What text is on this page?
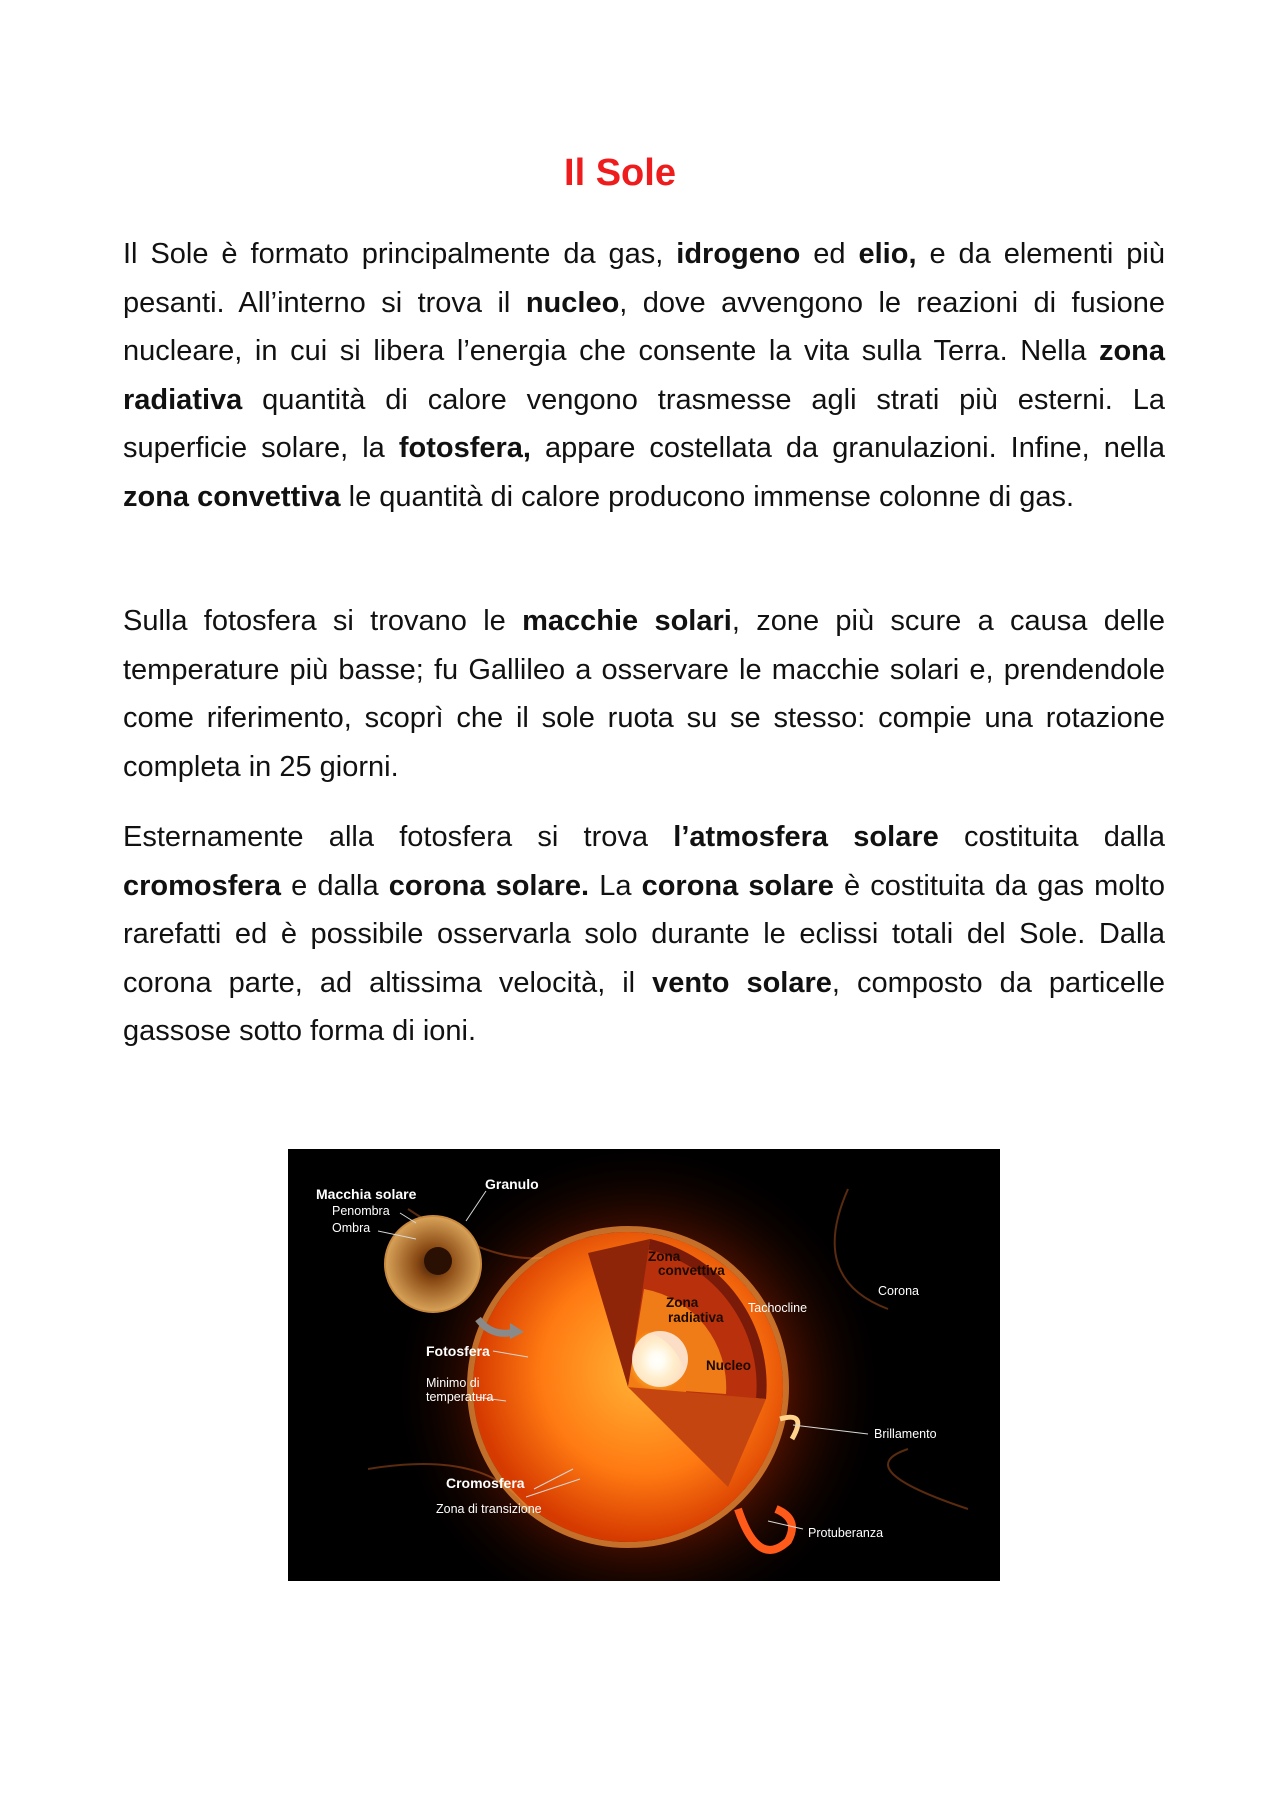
Il Sole

Il Sole è formato principalmente da gas, idrogeno ed elio, e da elementi più pesanti. All’interno si trova il nucleo, dove avvengono le reazioni di fusione nucleare, in cui si libera l’energia che consente la vita sulla Terra. Nella zona radiativa quantità di calore vengono trasmesse agli strati più esterni. La superficie solare, la fotosfera, appare costellata da granulazioni. Infine, nella zona convettiva le quantità di calore producono immense colonne di gas.

Sulla fotosfera si trovano le macchie solari, zone più scure a causa delle temperature più basse; fu Gallileo a osservare le macchie solari e, prendendole come riferimento, scoprì che il sole ruota su se stesso: compie una rotazione completa in 25 giorni.

Esternamente alla fotosfera si trova l’atmosfera solare costituita dalla cromosfera e dalla corona solare. La corona solare è costituita da gas molto rarefatti ed è possibile osservarla solo durante le eclissi totali del Sole. Dalla corona parte, ad altissima velocità, il vento solare, composto da particelle gassose sotto forma di ioni.

Macchia solare
Penombra
Ombra
Granulo
Zona
convettiva
Zona
radiativa
Tachocline
Corona
Fotosfera
Nucleo
Minimo di
temperatura
Brillamento
Cromosfera
Zona di transizione
Protuberanza
